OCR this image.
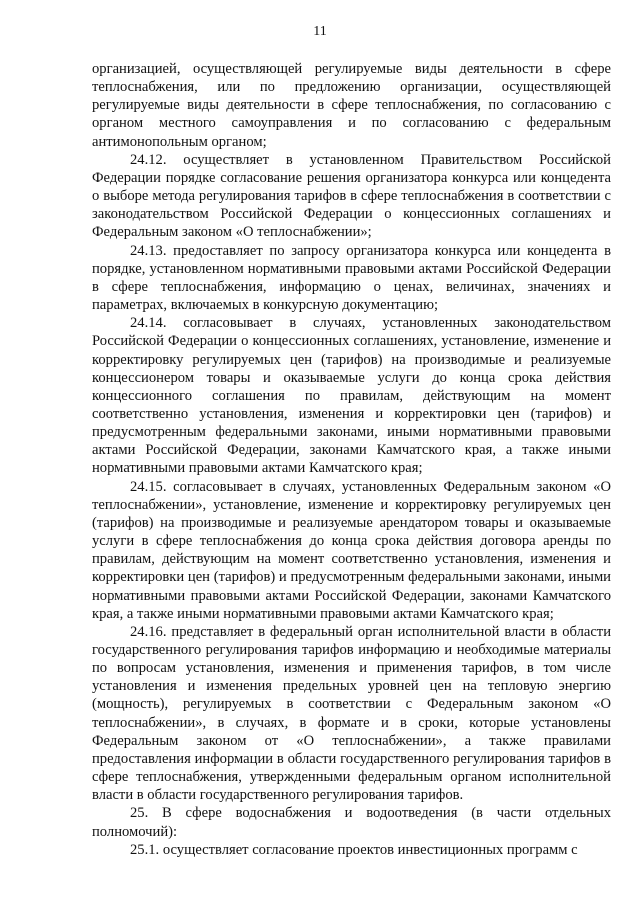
11

организацией, осуществляющей регулируемые виды деятельности в сфере теплоснабжения, или по предложению организации, осуществляющей регулируемые виды деятельности в сфере теплоснабжения, по согласованию с органом местного самоуправления и по согласованию с федеральным антимонопольным органом;

24.12. осуществляет в установленном Правительством Российской Федерации порядке согласование решения организатора конкурса или концедента о выборе метода регулирования тарифов в сфере теплоснабжения в соответствии с законодательством Российской Федерации о концессионных соглашениях и Федеральным законом «О теплоснабжении»;

24.13. предоставляет по запросу организатора конкурса или концедента в порядке, установленном нормативными правовыми актами Российской Федерации в сфере теплоснабжения, информацию о ценах, величинах, значениях и параметрах, включаемых в конкурсную документацию;

24.14. согласовывает в случаях, установленных законодательством Российской Федерации о концессионных соглашениях, установление, изменение и корректировку регулируемых цен (тарифов) на производимые и реализуемые концессионером товары и оказываемые услуги до конца срока действия концессионного соглашения по правилам, действующим на момент соответственно установления, изменения и корректировки цен (тарифов) и предусмотренным федеральными законами, иными нормативными правовыми актами Российской Федерации, законами Камчатского края, а также иными нормативными правовыми актами Камчатского края;

24.15. согласовывает в случаях, установленных Федеральным законом «О теплоснабжении», установление, изменение и корректировку регулируемых цен (тарифов) на производимые и реализуемые арендатором товары и оказываемые услуги в сфере теплоснабжения до конца срока действия договора аренды по правилам, действующим на момент соответственно установления, изменения и корректировки цен (тарифов) и предусмотренным федеральными законами, иными нормативными правовыми актами Российской Федерации, законами Камчатского края, а также иными нормативными правовыми актами Камчатского края;

24.16. представляет в федеральный орган исполнительной власти в области государственного регулирования тарифов информацию и необходимые материалы по вопросам установления, изменения и применения тарифов, в том числе установления и изменения предельных уровней цен на тепловую энергию (мощность), регулируемых в соответствии с Федеральным законом «О теплоснабжении», в случаях, в формате и в сроки, которые установлены Федеральным законом от «О теплоснабжении», а также правилами предоставления информации в области государственного регулирования тарифов в сфере теплоснабжения, утвержденными федеральным органом исполнительной власти в области государственного регулирования тарифов.

25. В сфере водоснабжения и водоотведения (в части отдельных полномочий):

25.1. осуществляет согласование проектов инвестиционных программ с
